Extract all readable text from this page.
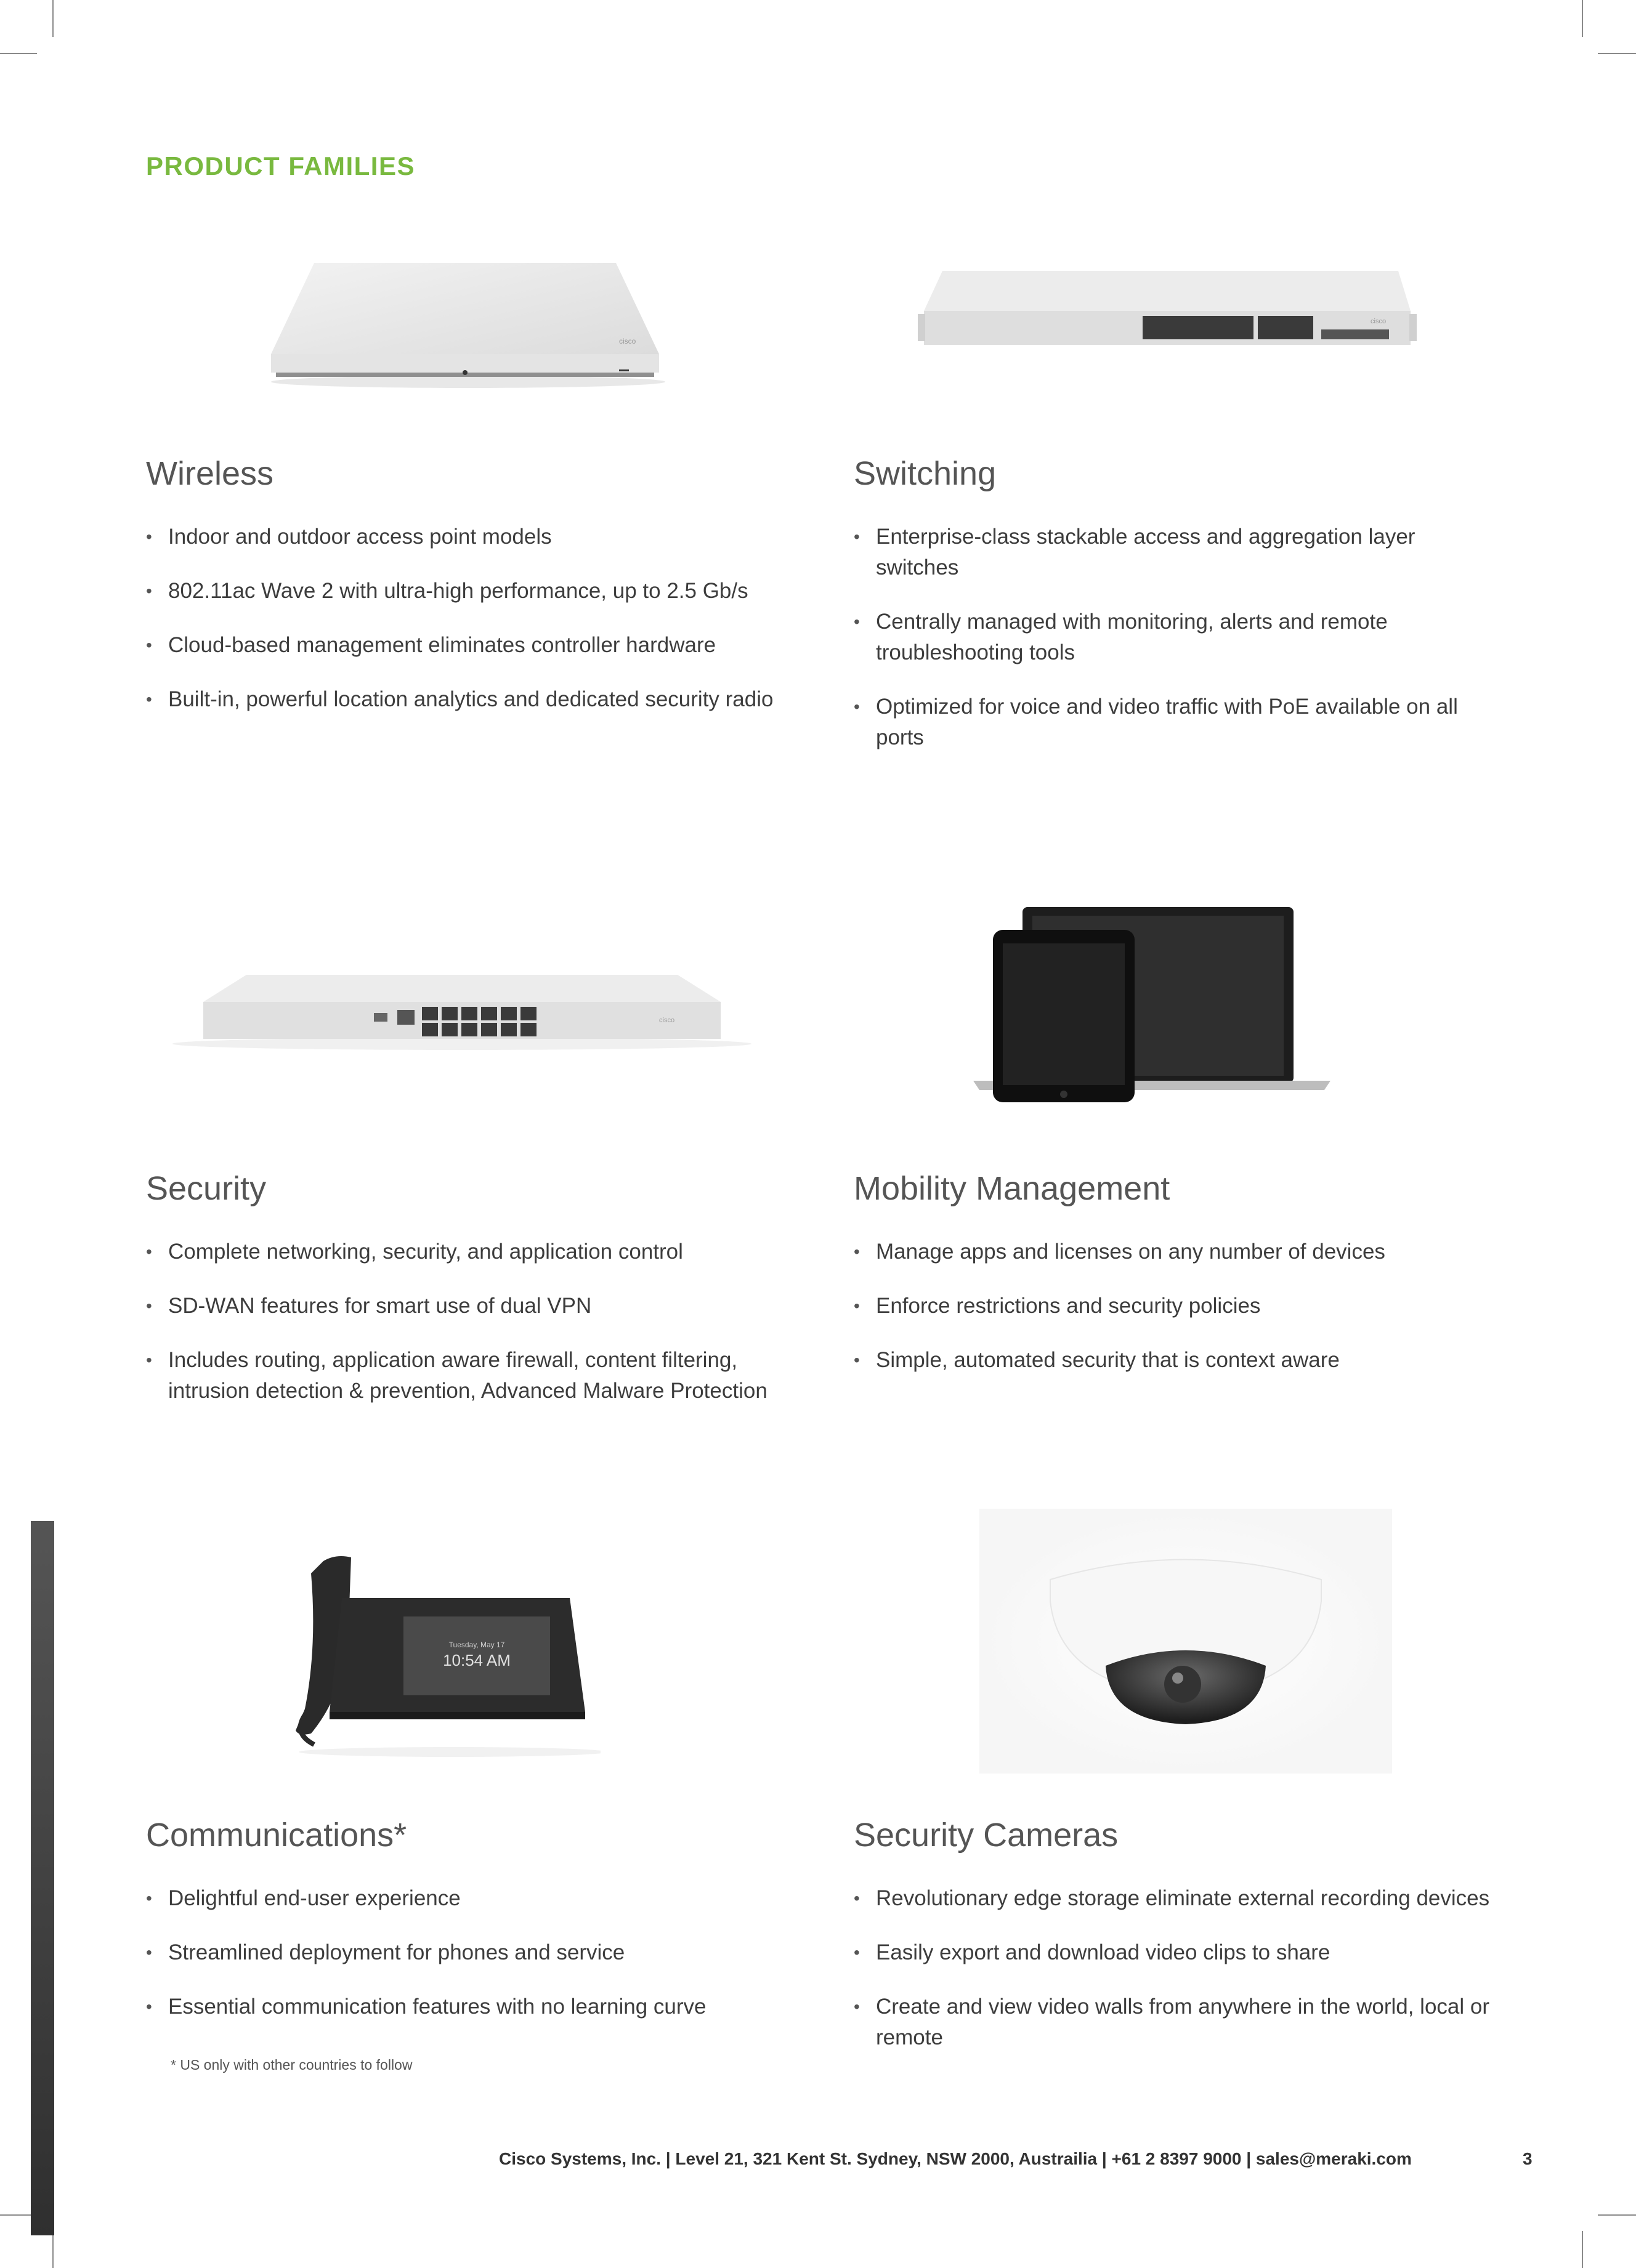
PRODUCT FAMILIES
cisco
cisco
cisco
Tuesday, May 17
10:54 AM
Wireless
• Indoor and outdoor access point models
• 802.11ac Wave 2 with ultra-high performance, up to 2.5 Gb/s
• Cloud-based management eliminates controller hardware
• Built-in, powerful location analytics and dedicated security radio
Switching
• Enterprise-class stackable access and aggregation layer switches
• Centrally managed with monitoring, alerts and remote troubleshooting tools
• Optimized for voice and video traffic with PoE available on all ports
Security
• Complete networking, security, and application control
• SD-WAN features for smart use of dual VPN
• Includes routing, application aware firewall, content filtering, intrusion detection & prevention, Advanced Malware Protection
Mobility Management
• Manage apps and licenses on any number of devices
• Enforce restrictions and security policies
• Simple, automated security that is context aware
Communications*
• Delightful end-user experience
• Streamlined deployment for phones and service
• Essential communication features with no learning curve
Security Cameras
• Revolutionary edge storage eliminate external recording devices
• Easily export and download video clips to share
• Create and view video walls from anywhere in the world, local or remote
* US only with other countries to follow
Cisco Systems, Inc. | Level 21, 321 Kent St. Sydney, NSW 2000, Austrailia | +61 2 8397 9000 | sales@meraki.com	3
